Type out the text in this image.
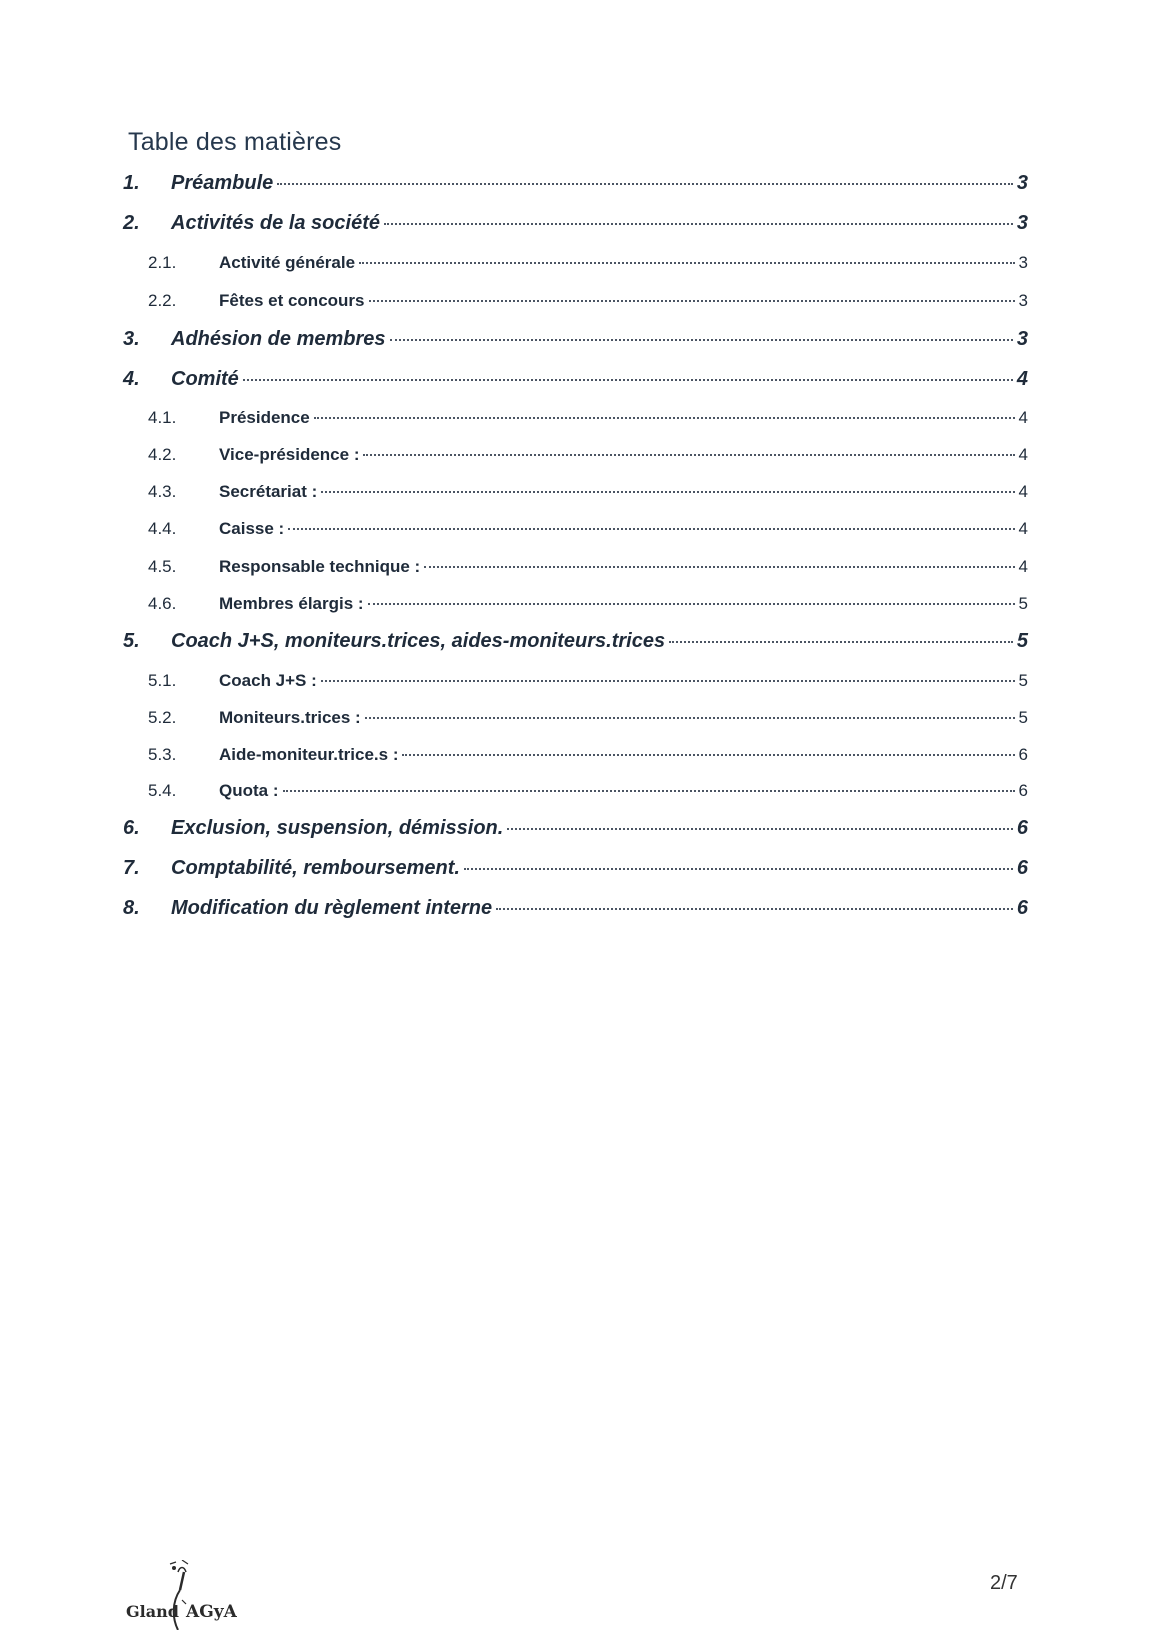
Table des matières
1. Préambule	3
2. Activités de la société	3
2.1.	Activité générale	3
2.2.	Fêtes et concours	3
3. Adhésion de membres	3
4. Comité	4
4.1.	Présidence	4
4.2.	Vice-présidence :	4
4.3.	Secrétariat :	4
4.4.	Caisse :	4
4.5.	Responsable technique :	4
4.6.	Membres élargis :	5
5. Coach J+S, moniteurs.trices, aides-moniteurs.trices	5
5.1.	Coach J+S :	5
5.2.	Moniteurs.trices :	5
5.3.	Aide-moniteur.trice.s :	6
5.4.	Quota :	6
6. Exclusion, suspension, démission.	6
7. Comptabilité, remboursement.	6
8. Modification du règlement interne	6
Gland AGyA
2/7
